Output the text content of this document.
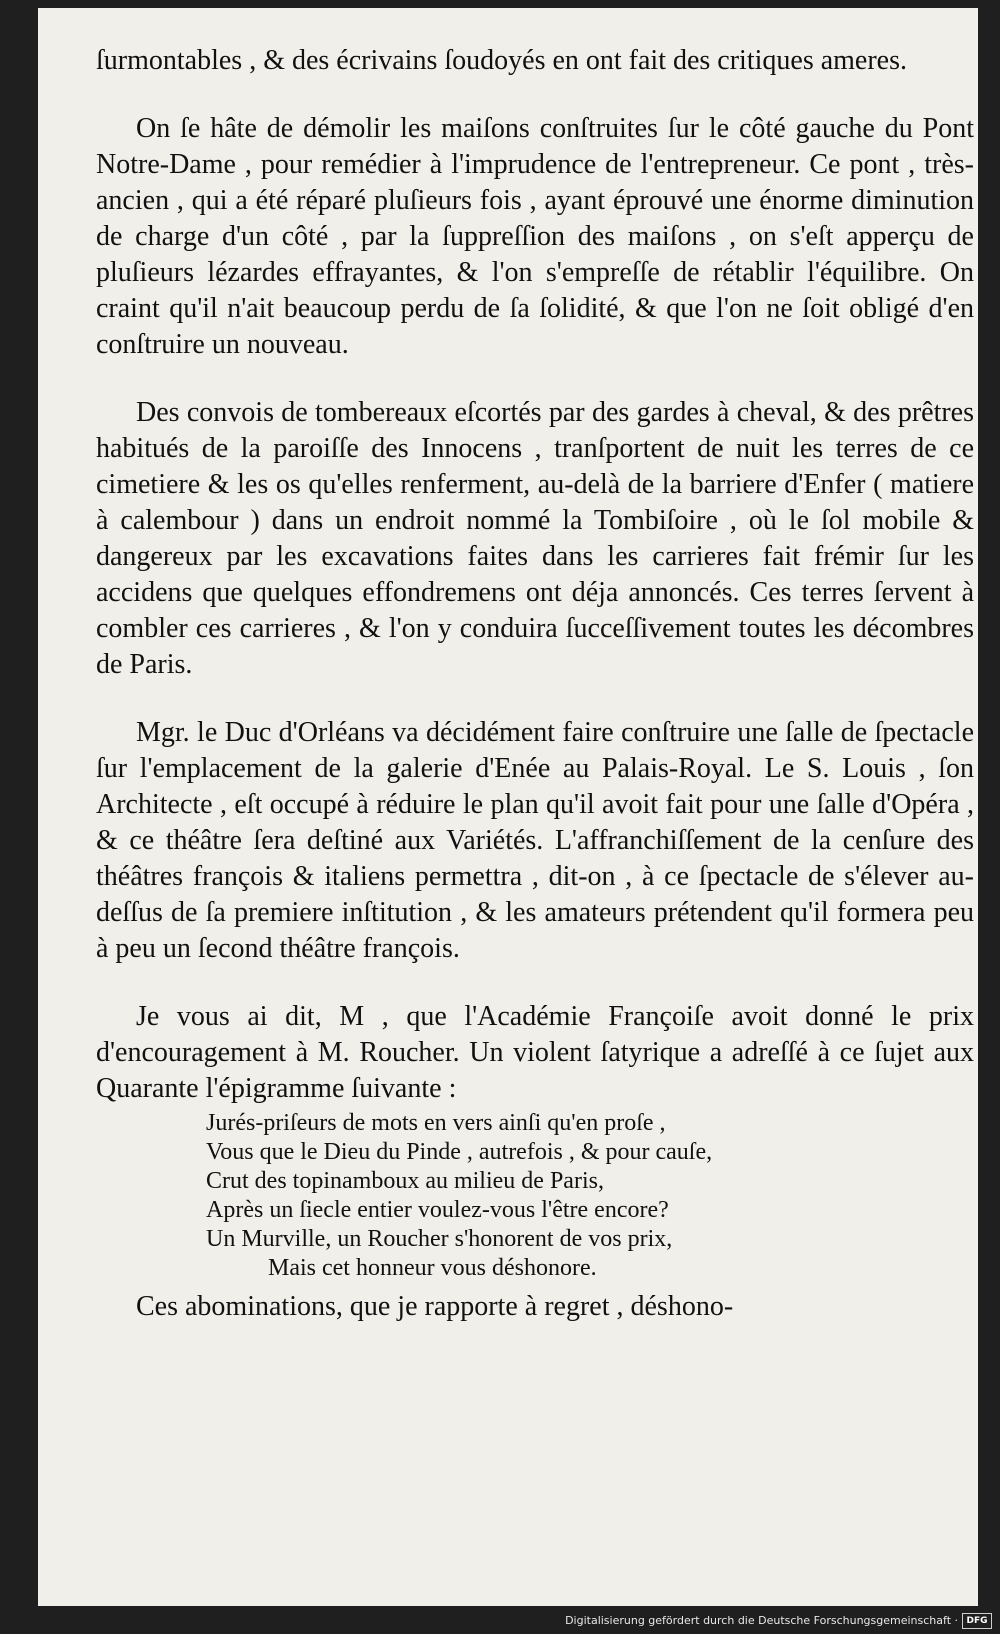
ſurmontables , & des écrivains ſoudoyés en ont fait des critiques ameres.

On ſe hâte de démolir les maiſons conſtruites ſur le côté gauche du Pont Notre-Dame , pour remédier à l'imprudence de l'entrepreneur. Ce pont , très-ancien , qui a été réparé pluſieurs fois , ayant éprouvé une énorme diminution de charge d'un côté , par la ſuppreſſion des maiſons , on s'eſt apperçu de pluſieurs lézardes effrayantes, & l'on s'empreſſe de rétablir l'équilibre. On craint qu'il n'ait beaucoup perdu de ſa ſolidité, & que l'on ne ſoit obligé d'en conſtruire un nouveau.

Des convois de tombereaux eſcortés par des gardes à cheval, & des prêtres habitués de la paroiſſe des Innocens , tranſportent de nuit les terres de ce cimetiere & les os qu'elles renferment, au-delà de la barriere d'Enfer ( matiere à calembour ) dans un endroit nommé la Tombiſoire , où le ſol mobile & dangereux par les excavations faites dans les carrieres fait frémir ſur les accidens que quelques effondremens ont déja annoncés. Ces terres ſervent à combler ces carrieres , & l'on y conduira ſucceſſivement toutes les décombres de Paris.

Mgr. le Duc d'Orléans va décidément faire conſtruire une ſalle de ſpectacle ſur l'emplacement de la galerie d'Enée au Palais-Royal. Le S. Louis , ſon Architecte , eſt occupé à réduire le plan qu'il avoit fait pour une ſalle d'Opéra , & ce théâtre ſera deſtiné aux Variétés. L'affranchiſſement de la cenſure des théâtres françois & italiens permettra , dit-on , à ce ſpectacle de s'élever au-deſſus de ſa premiere inſtitution , & les amateurs prétendent qu'il formera peu à peu un ſecond théâtre françois.

Je vous ai dit, M , que l'Académie Françoiſe avoit donné le prix d'encouragement à M. Roucher. Un violent ſatyrique a adreſſé à ce ſujet aux Quarante l'épigramme ſuivante :

Jurés-priſeurs de mots en vers ainſi qu'en proſe ,
Vous que le Dieu du Pinde , autrefois , & pour cauſe,
Crut des topinamboux au milieu de Paris,
Après un ſiecle entier voulez-vous l'être encore?
Un Murville, un Roucher s'honorent de vos prix,
Mais cet honneur vous déshonore.

Ces abominations, que je rapporte à regret , déshono-

Digitalisierung gefördert durch die Deutsche Forschungsgemeinschaft · DFG
